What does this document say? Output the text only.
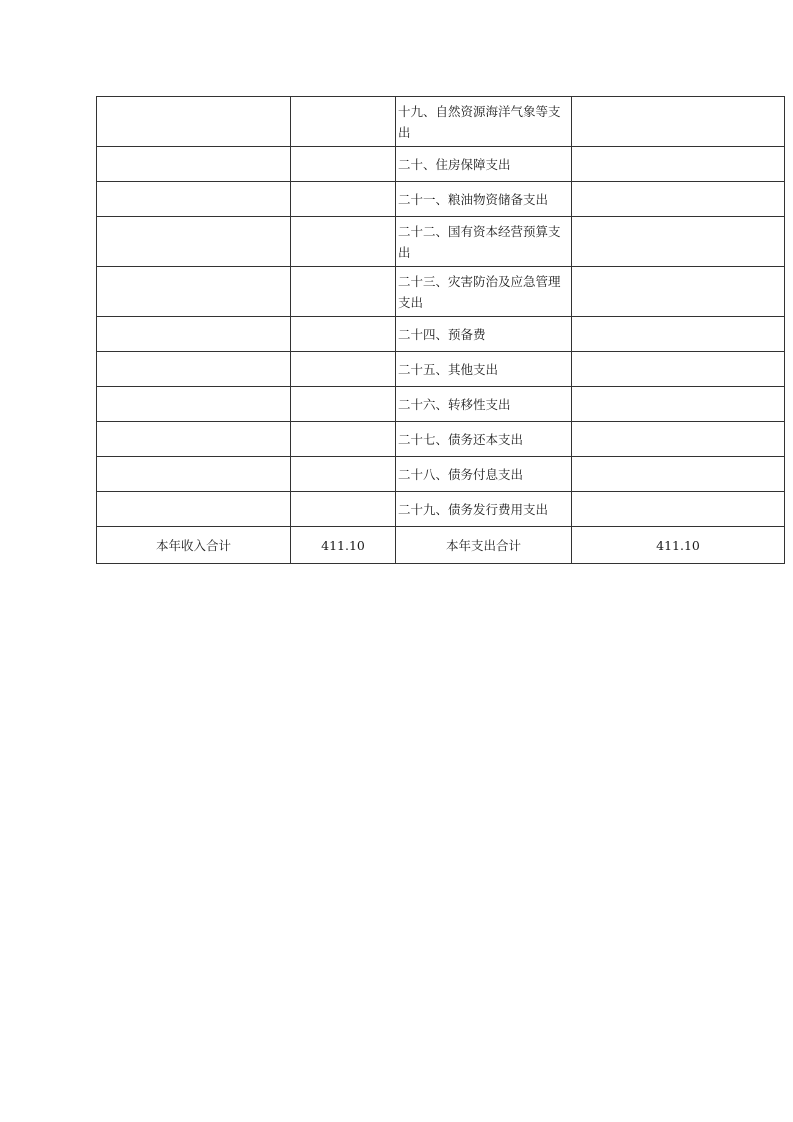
		十九、自然资源海洋气象等支出	
		二十、住房保障支出	
		二十一、粮油物资储备支出	
		二十二、国有资本经营预算支出	
		二十三、灾害防治及应急管理支出	
		二十四、预备费	
		二十五、其他支出	
		二十六、转移性支出	
		二十七、债务还本支出	
		二十八、债务付息支出	
		二十九、债务发行费用支出	
本年收入合计	411.10	本年支出合计	411.10
